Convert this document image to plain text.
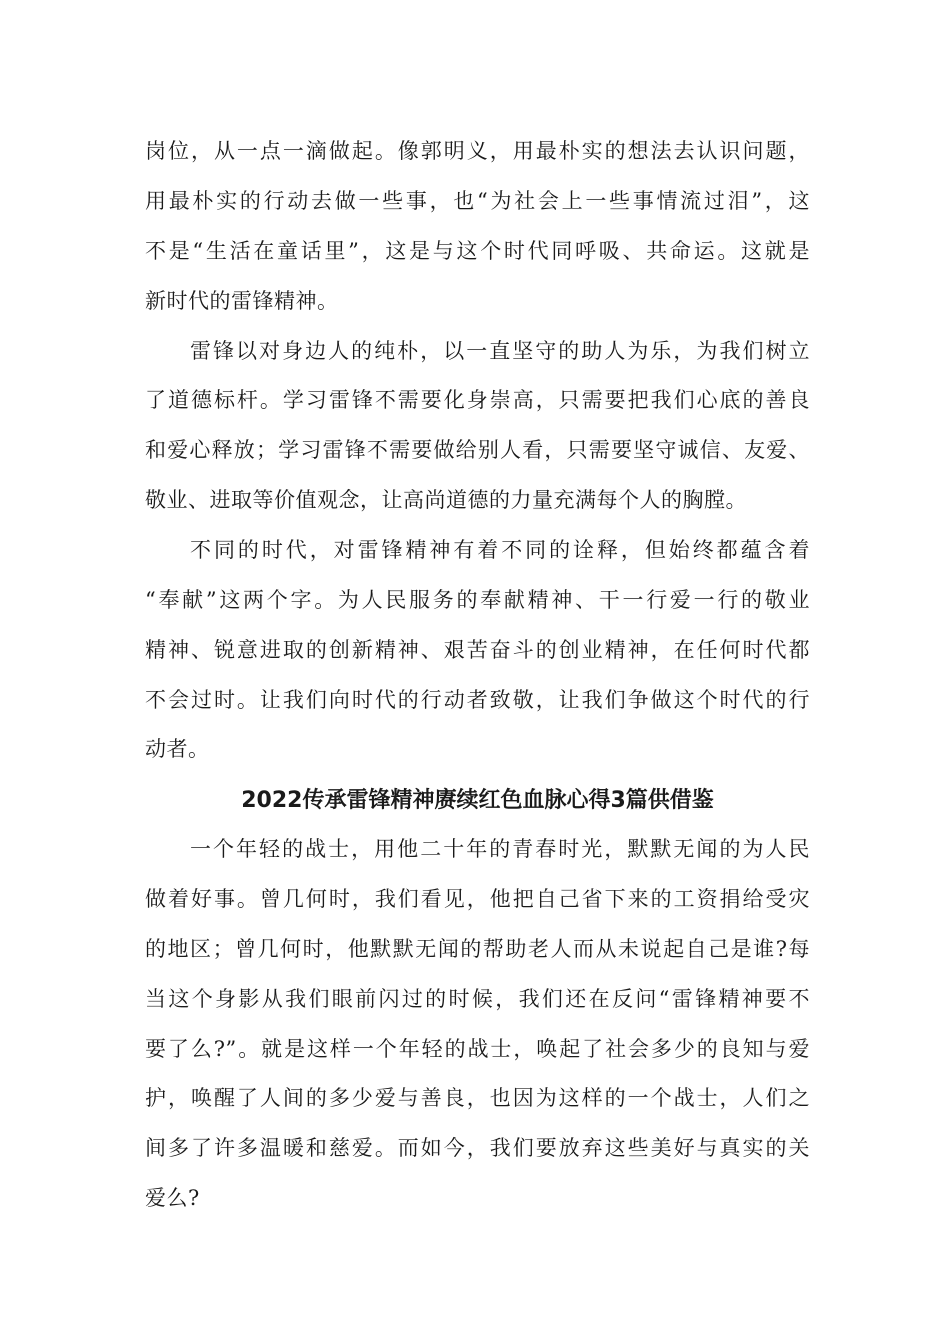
岗位，从一点一滴做起。像郭明义，用最朴实的想法去认识问题，
用最朴实的行动去做一些事，也“为社会上一些事情流过泪”，这
不是“生活在童话里”，这是与这个时代同呼吸、共命运。这就是
新时代的雷锋精神。
雷锋以对身边人的纯朴，以一直坚守的助人为乐，为我们树立
了道德标杆。学习雷锋不需要化身崇高，只需要把我们心底的善良
和爱心释放；学习雷锋不需要做给别人看，只需要坚守诚信、友爱、
敬业、进取等价值观念，让高尚道德的力量充满每个人的胸膛。
不同的时代，对雷锋精神有着不同的诠释，但始终都蕴含着
“奉献”这两个字。为人民服务的奉献精神、干一行爱一行的敬业
精神、锐意进取的创新精神、艰苦奋斗的创业精神，在任何时代都
不会过时。让我们向时代的行动者致敬，让我们争做这个时代的行
动者。
2022传承雷锋精神赓续红色血脉心得3篇供借鉴
一个年轻的战士，用他二十年的青春时光，默默无闻的为人民
做着好事。曾几何时，我们看见，他把自己省下来的工资捐给受灾
的地区；曾几何时，他默默无闻的帮助老人而从未说起自己是谁?每
当这个身影从我们眼前闪过的时候，我们还在反问“雷锋精神要不
要了么?”。就是这样一个年轻的战士，唤起了社会多少的良知与爱
护，唤醒了人间的多少爱与善良，也因为这样的一个战士，人们之
间多了许多温暖和慈爱。而如今，我们要放弃这些美好与真实的关
爱么?
